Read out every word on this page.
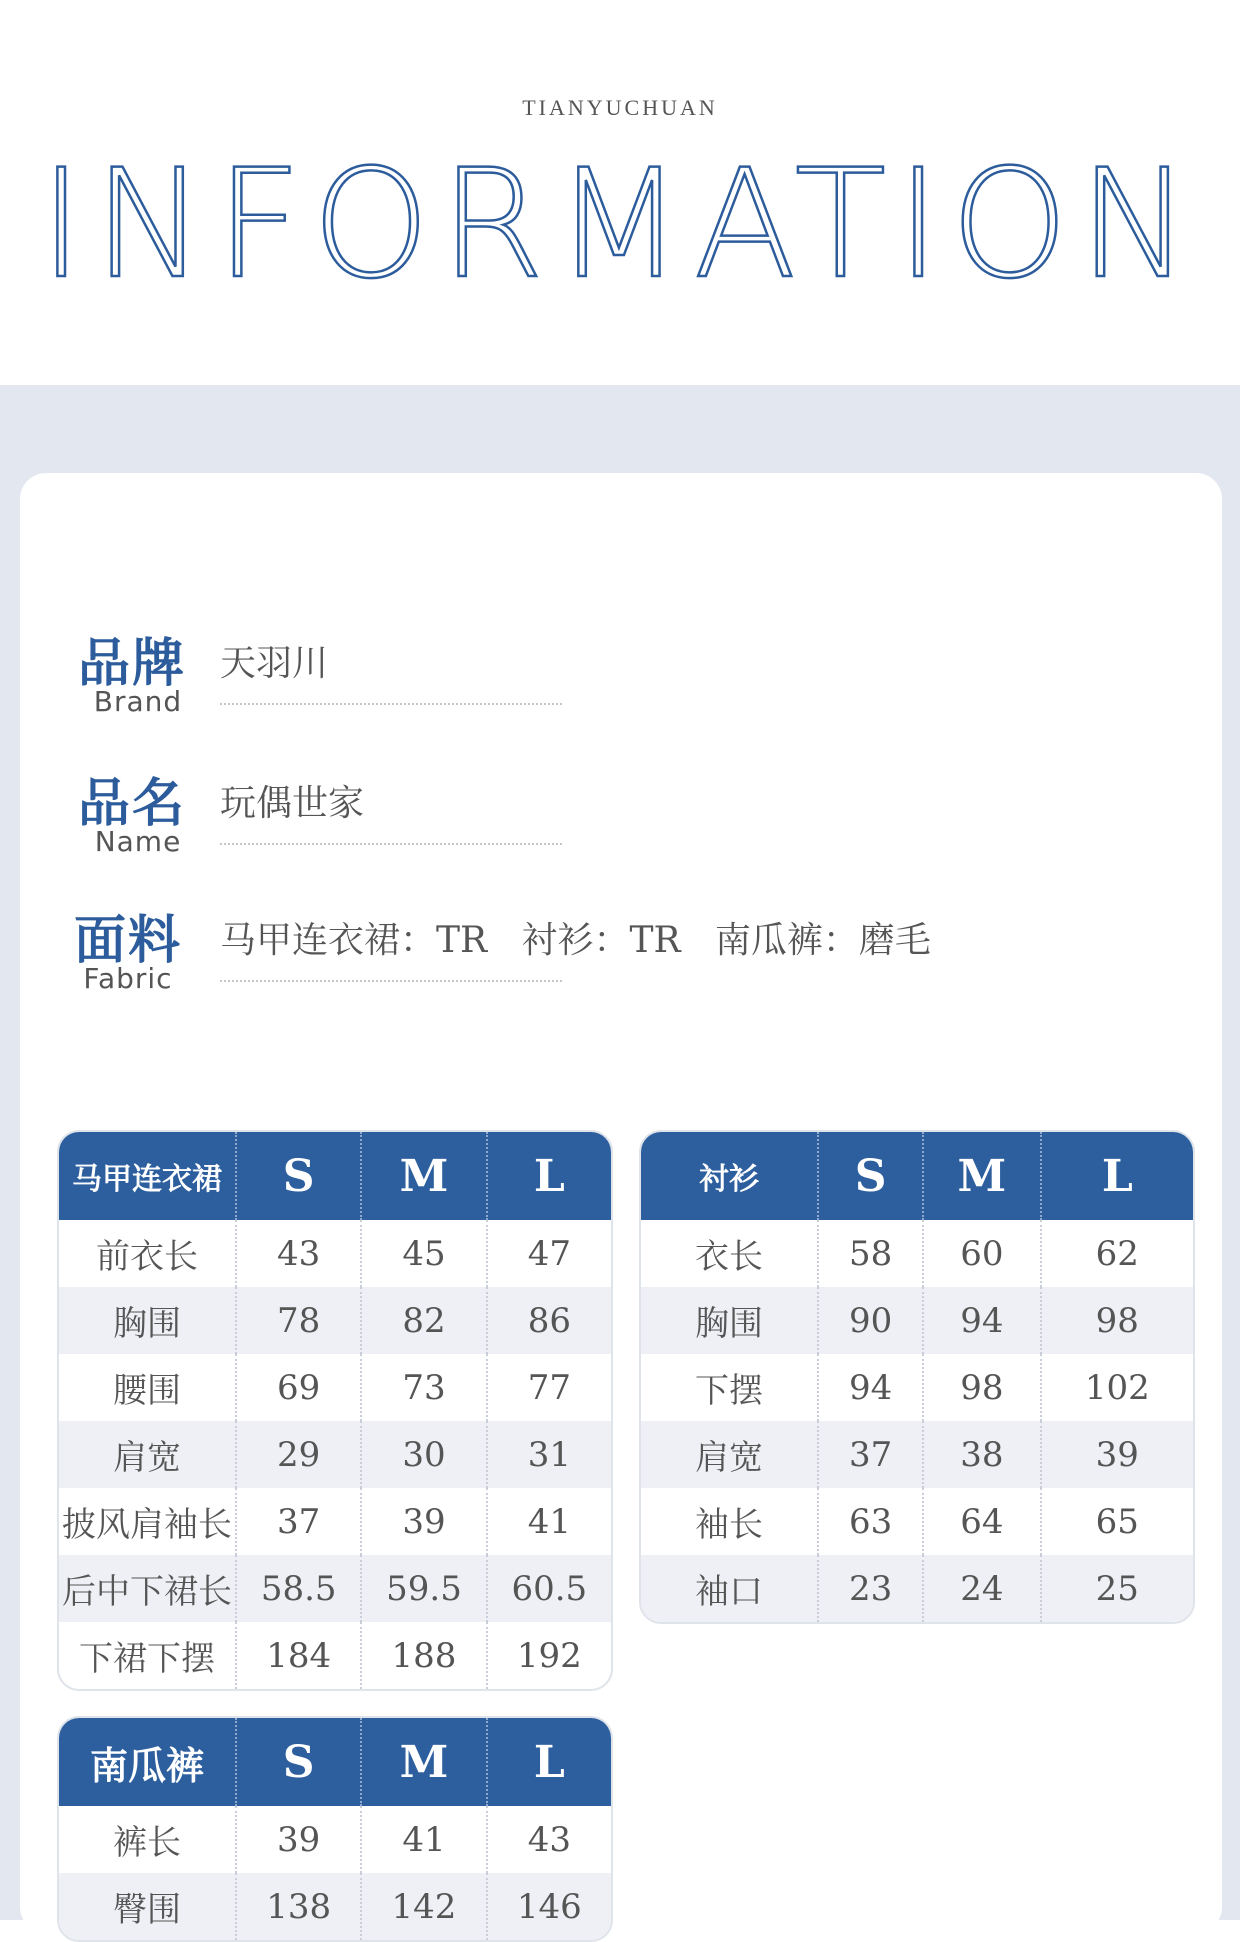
TIANYUCHUAN
INFORMATION
品牌
Brand
天羽川
品名
Name
玩偶世家
面料
Fabric
马甲连衣裙：TR   衬衫：TR   南瓜裤：磨毛
马甲连衣裙	S	M	L
前衣长	43	45	47
胸围	78	82	86
腰围	69	73	77
肩宽	29	30	31
披风肩袖长	37	39	41
后中下裙长	58.5	59.5	60.5
下裙下摆	184	188	192
衬衫	S	M	L
衣长	58	60	62
胸围	90	94	98
下摆	94	98	102
肩宽	37	38	39
袖长	63	64	65
袖口	23	24	25
南瓜裤	S	M	L
裤长	39	41	43
臀围	138	142	146
